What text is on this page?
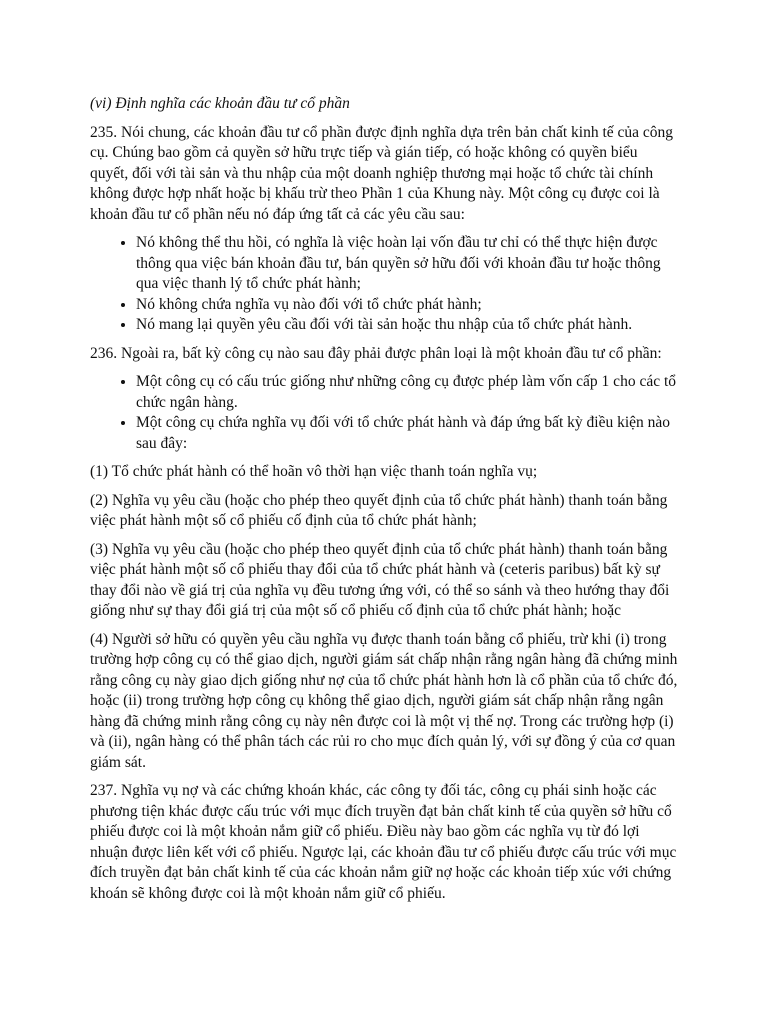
(vi) Định nghĩa các khoản đầu tư cổ phần

235. Nói chung, các khoản đầu tư cổ phần được định nghĩa dựa trên bản chất kinh tế của công cụ. Chúng bao gồm cả quyền sở hữu trực tiếp và gián tiếp, có hoặc không có quyền biểu quyết, đối với tài sản và thu nhập của một doanh nghiệp thương mại hoặc tổ chức tài chính không được hợp nhất hoặc bị khấu trừ theo Phần 1 của Khung này. Một công cụ được coi là khoản đầu tư cổ phần nếu nó đáp ứng tất cả các yêu cầu sau:

• Nó không thể thu hồi, có nghĩa là việc hoàn lại vốn đầu tư chỉ có thể thực hiện được thông qua việc bán khoản đầu tư, bán quyền sở hữu đối với khoản đầu tư hoặc thông qua việc thanh lý tổ chức phát hành;
• Nó không chứa nghĩa vụ nào đối với tổ chức phát hành;
• Nó mang lại quyền yêu cầu đối với tài sản hoặc thu nhập của tổ chức phát hành.

236. Ngoài ra, bất kỳ công cụ nào sau đây phải được phân loại là một khoản đầu tư cổ phần:

• Một công cụ có cấu trúc giống như những công cụ được phép làm vốn cấp 1 cho các tổ chức ngân hàng.
• Một công cụ chứa nghĩa vụ đối với tổ chức phát hành và đáp ứng bất kỳ điều kiện nào sau đây:

(1) Tổ chức phát hành có thể hoãn vô thời hạn việc thanh toán nghĩa vụ;

(2) Nghĩa vụ yêu cầu (hoặc cho phép theo quyết định của tổ chức phát hành) thanh toán bằng việc phát hành một số cổ phiếu cố định của tổ chức phát hành;

(3) Nghĩa vụ yêu cầu (hoặc cho phép theo quyết định của tổ chức phát hành) thanh toán bằng việc phát hành một số cổ phiếu thay đổi của tổ chức phát hành và (ceteris paribus) bất kỳ sự thay đổi nào về giá trị của nghĩa vụ đều tương ứng với, có thể so sánh và theo hướng thay đổi giống như sự thay đổi giá trị của một số cổ phiếu cố định của tổ chức phát hành; hoặc

(4) Người sở hữu có quyền yêu cầu nghĩa vụ được thanh toán bằng cổ phiếu, trừ khi (i) trong trường hợp công cụ có thể giao dịch, người giám sát chấp nhận rằng ngân hàng đã chứng minh rằng công cụ này giao dịch giống như nợ của tổ chức phát hành hơn là cổ phần của tổ chức đó, hoặc (ii) trong trường hợp công cụ không thể giao dịch, người giám sát chấp nhận rằng ngân hàng đã chứng minh rằng công cụ này nên được coi là một vị thế nợ. Trong các trường hợp (i) và (ii), ngân hàng có thể phân tách các rủi ro cho mục đích quản lý, với sự đồng ý của cơ quan giám sát.

237. Nghĩa vụ nợ và các chứng khoán khác, các công ty đối tác, công cụ phái sinh hoặc các phương tiện khác được cấu trúc với mục đích truyền đạt bản chất kinh tế của quyền sở hữu cổ phiếu được coi là một khoản nắm giữ cổ phiếu. Điều này bao gồm các nghĩa vụ từ đó lợi nhuận được liên kết với cổ phiếu. Ngược lại, các khoản đầu tư cổ phiếu được cấu trúc với mục đích truyền đạt bản chất kinh tế của các khoản nắm giữ nợ hoặc các khoản tiếp xúc với chứng khoán sẽ không được coi là một khoản nắm giữ cổ phiếu.
